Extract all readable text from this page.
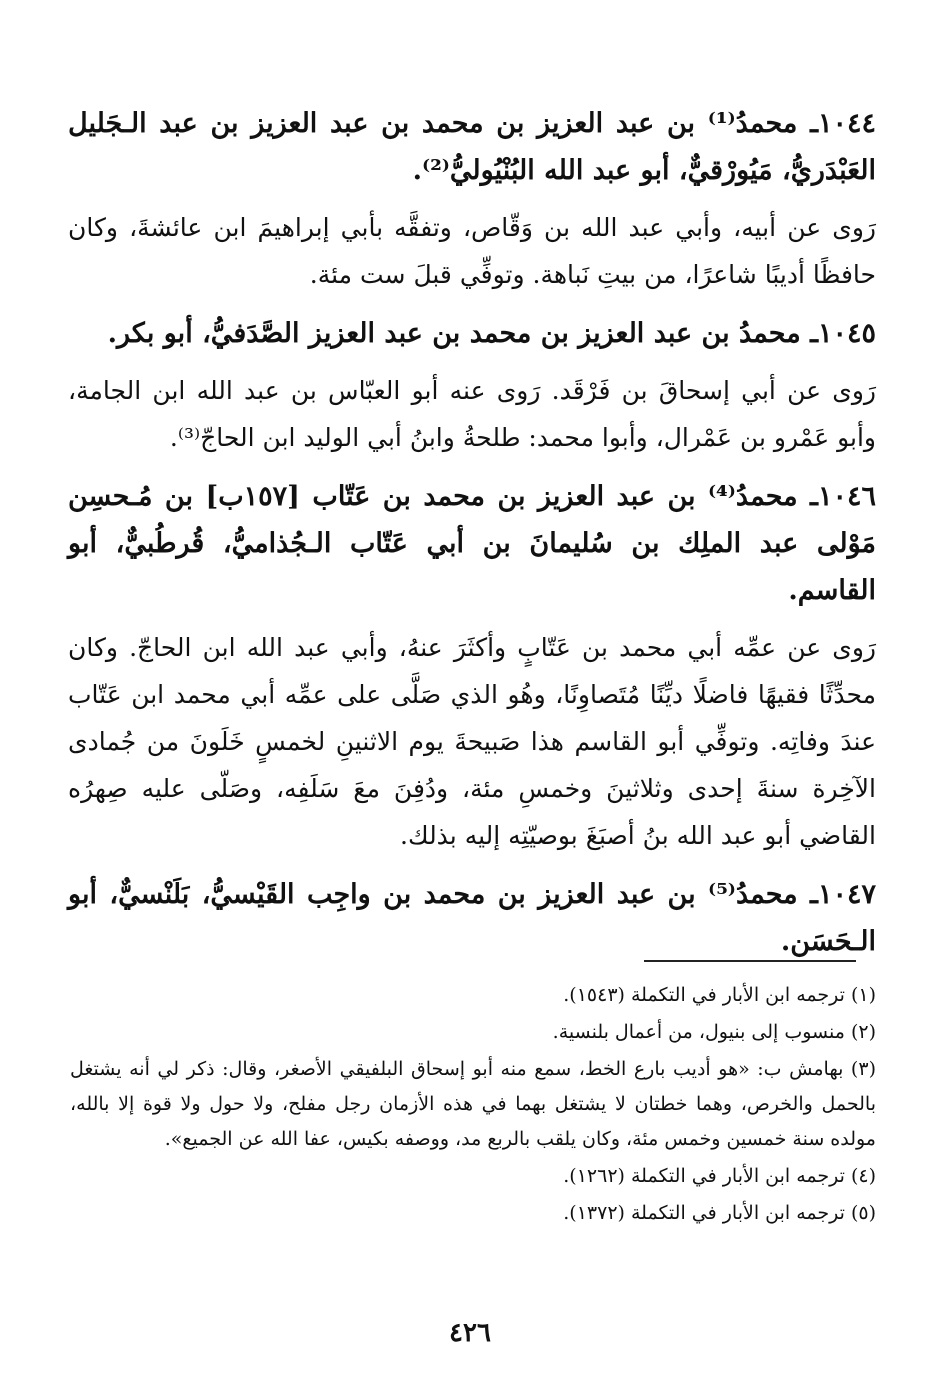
١٠٤٤ـ محمدُ⁽¹⁾ بن عبد العزيز بن محمد بن عبد العزيز بن عبد الـجَليل العَبْدَريُّ، مَيُورْقيٌّ، أبو عبد الله البُنْيُوليُّ⁽²⁾.

رَوى عن أبيه، وأبي عبد الله بن وَقّاص، وتفقَّه بأبي إبراهيمَ ابن عائشةَ، وكان حافظًا أديبًا شاعرًا، من بيتِ نَباهة. وتوفِّي قبلَ ست مئة.

١٠٤٥ـ محمدُ بن عبد العزيز بن محمد بن عبد العزيز الصَّدَفيُّ، أبو بكر.

رَوى عن أبي إسحاقَ بن فَرْقَد. رَوى عنه أبو العبّاس بن عبد الله ابن الجامة، وأبو عَمْرو بن عَمْرال، وأبوا محمد: طلحةُ وابنُ أبي الوليد ابن الحاجّ⁽³⁾.

١٠٤٦ـ محمدُ⁽⁴⁾ بن عبد العزيز بن محمد بن عَتّاب [١٥٧ب] بن مُـحسِن مَوْلى عبد الملِك بن سُليمانَ بن أبي عَتّاب الـجُذاميُّ، قُرطُبيٌّ، أبو القاسم.

رَوى عن عمِّه أبي محمد بن عَتّابٍ وأكثَرَ عنهُ، وأبي عبد الله ابن الحاجّ. وكان محدِّثًا فقيهًا فاضلًا ديِّنًا مُتَصاوِنًا، وهُو الذي صَلَّى على عمِّه أبي محمد ابن عَتّاب عندَ وفاتِه. وتوفِّي أبو القاسم هذا صَبيحةَ يوم الاثنينِ لخمسٍ خَلَونَ من جُمادى الآخِرة سنةَ إحدى وثلاثينَ وخمسِ مئة، ودُفِنَ معَ سَلَفِه، وصَلّى عليه صِهرُه القاضي أبو عبد الله بنُ أصبَغَ بوصيّتِه إليه بذلك.

١٠٤٧ـ محمدُ⁽⁵⁾ بن عبد العزيز بن محمد بن واجِب القَيْسيُّ، بَلَنْسيٌّ، أبو الـحَسَن.

(١) ترجمه ابن الأبار في التكملة (١٥٤٣).

(٢) منسوب إلى بنيول، من أعمال بلنسية.

(٣) بهامش ب: «هو أديب بارع الخط، سمع منه أبو إسحاق البلفيقي الأصغر، وقال: ذكر لي أنه يشتغل بالحمل والخرص، وهما خطتان لا يشتغل بهما في هذه الأزمان رجل مفلح، ولا حول ولا قوة إلا بالله، مولده سنة خمسين وخمس مئة، وكان يلقب بالربع مد، ووصفه بكيس، عفا الله عن الجميع».

(٤) ترجمه ابن الأبار في التكملة (١٢٦٢).

(٥) ترجمه ابن الأبار في التكملة (١٣٧٢).

٤٢٦
